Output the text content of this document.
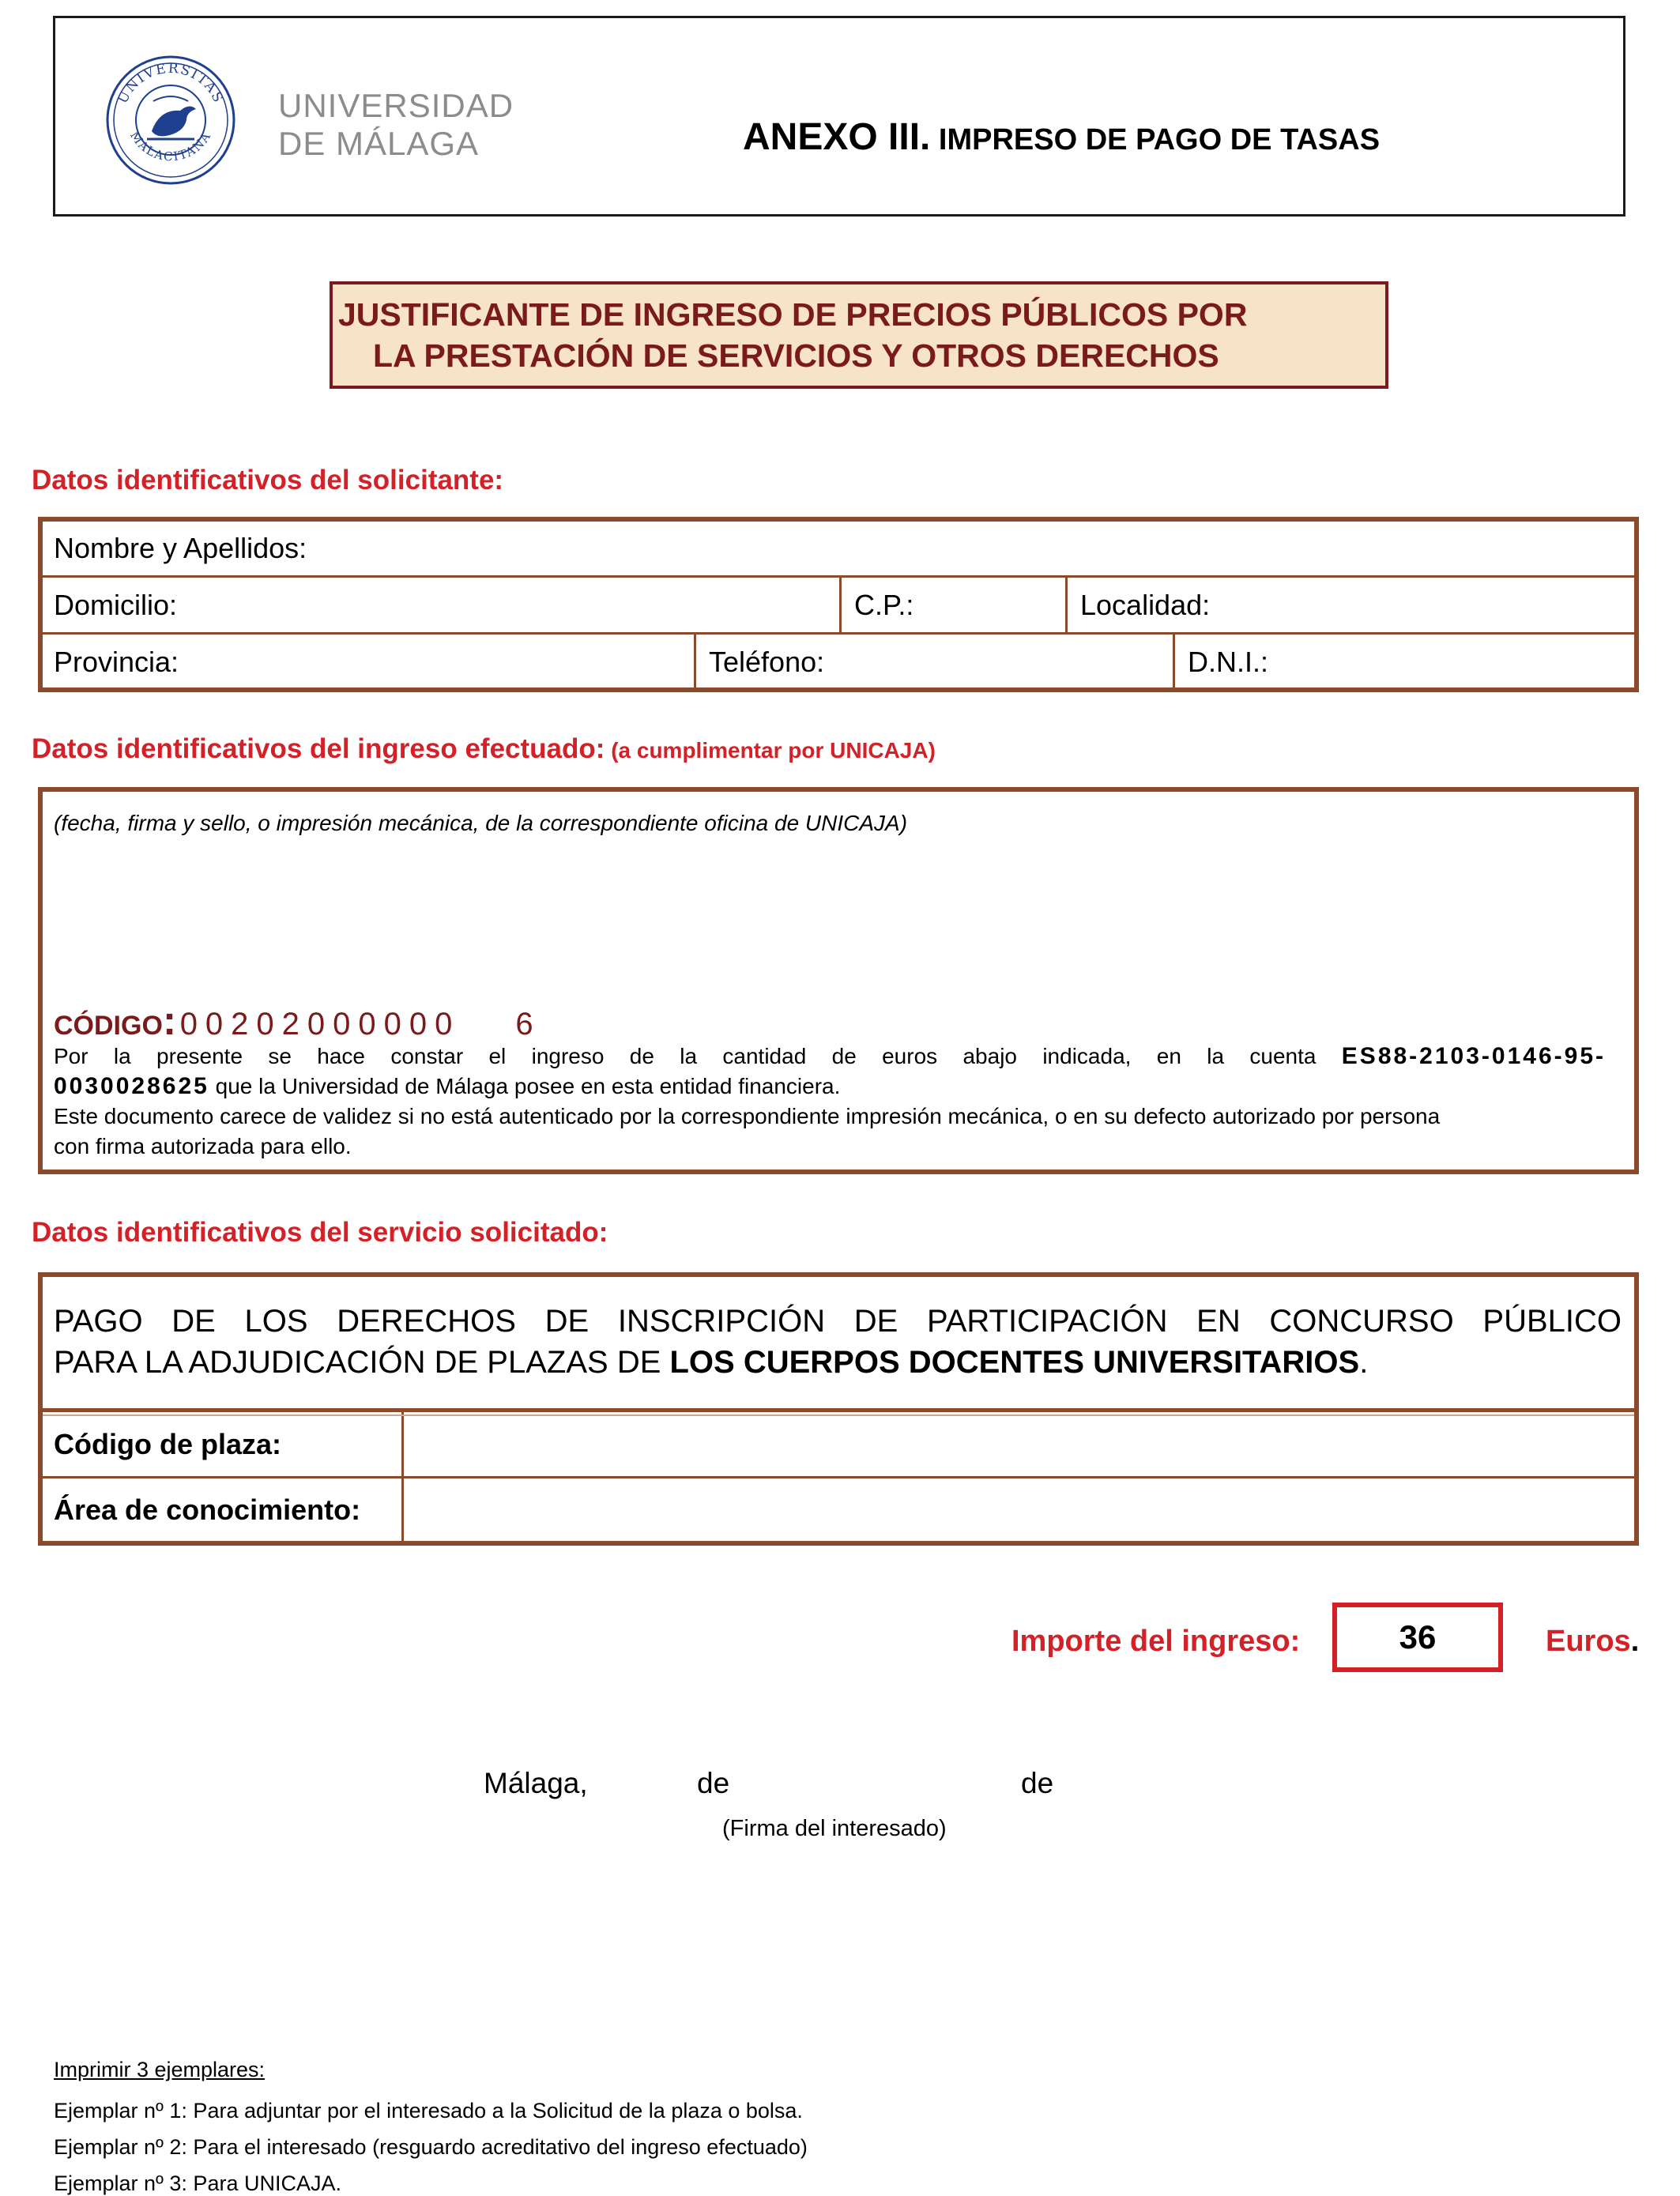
UNIVERSITAS
MALACITANA
UNIVERSIDAD
DE MÁLAGA	ANEXO III. IMPRESO DE PAGO DE TASAS
JUSTIFICANTE DE INGRESO DE PRECIOS PÚBLICOS POR
LA PRESTACIÓN DE SERVICIOS Y OTROS DERECHOS
Datos identificativos del solicitante:
Nombre y Apellidos:
Domicilio:	C.P.:	Localidad:
Provincia:	Teléfono:	D.N.I.:
Datos identificativos del ingreso efectuado: (a cumplimentar por UNICAJA)
(fecha, firma y sello, o impresión mecánica, de la correspondiente oficina de UNICAJA)
CÓDIGO: 00202000000 6
Por la presente se hace constar el ingreso de la cantidad de euros abajo indicada, en la cuenta ES88-2103-0146-95-
0030028625 que la Universidad de Málaga posee en esta entidad financiera.
Este documento carece de validez si no está autenticado por la correspondiente impresión mecánica, o en su defecto autorizado por persona
con firma autorizada para ello.
Datos identificativos del servicio solicitado:
PAGO DE LOS DERECHOS DE INSCRIPCIÓN DE PARTICIPACIÓN EN CONCURSO PÚBLICO
PARA LA ADJUDICACIÓN DE PLAZAS DE LOS CUERPOS DOCENTES UNIVERSITARIOS.
Código de plaza:
Área de conocimiento:
Importe del ingreso:	36	Euros.
Málaga,	de	de
(Firma del interesado)
Imprimir 3 ejemplares:
Ejemplar nº 1: Para adjuntar por el interesado a la Solicitud de la plaza o bolsa.
Ejemplar nº 2: Para el interesado (resguardo acreditativo del ingreso efectuado)
Ejemplar nº 3: Para UNICAJA.
